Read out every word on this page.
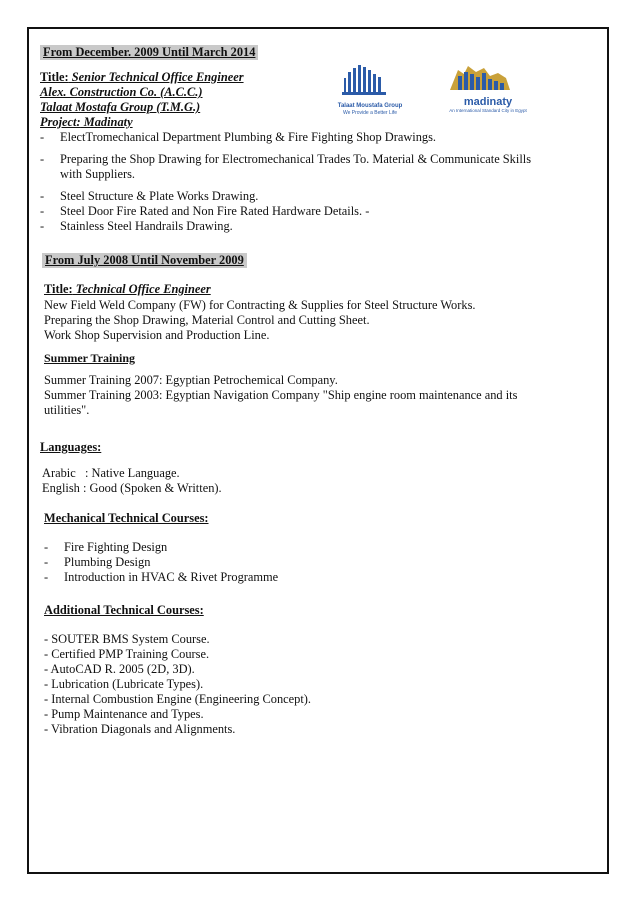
From December. 2009 Until March 2014
Title: Senior Technical Office Engineer
Alex. Construction Co. (A.C.C.)
Talaat Mostafa Group (T.M.G.)
Project: Madinaty
Talaat Moustafa Group
We Provide a Better Life
madinaty
An International Standard City in Egypt
- ElectTromechanical Department Plumbing & Fire Fighting Shop Drawings.
- Preparing the Shop Drawing for Electromechanical Trades To. Material & Communicate Skills
with Suppliers.
- Steel Structure & Plate Works Drawing.
- Steel Door Fire Rated and Non Fire Rated Hardware Details. -
- Stainless Steel Handrails Drawing.
From July 2008 Until November 2009
Title: Technical Office Engineer
New Field Weld Company (FW) for Contracting & Supplies for Steel Structure Works.
Preparing the Shop Drawing, Material Control and Cutting Sheet.
Work Shop Supervision and Production Line.
Summer Training
Summer Training 2007: Egyptian Petrochemical Company.
Summer Training 2003: Egyptian Navigation Company "Ship engine room maintenance and its
utilities".
Languages:
Arabic   : Native Language.
English : Good (Spoken & Written).
Mechanical Technical Courses:
- Fire Fighting Design
- Plumbing Design
- Introduction in HVAC & Rivet Programme
Additional Technical Courses:
- SOUTER BMS System Course.
- Certified PMP Training Course.
- AutoCAD R. 2005 (2D, 3D).
- Lubrication (Lubricate Types).
- Internal Combustion Engine (Engineering Concept).
- Pump Maintenance and Types.
- Vibration Diagonals and Alignments.
